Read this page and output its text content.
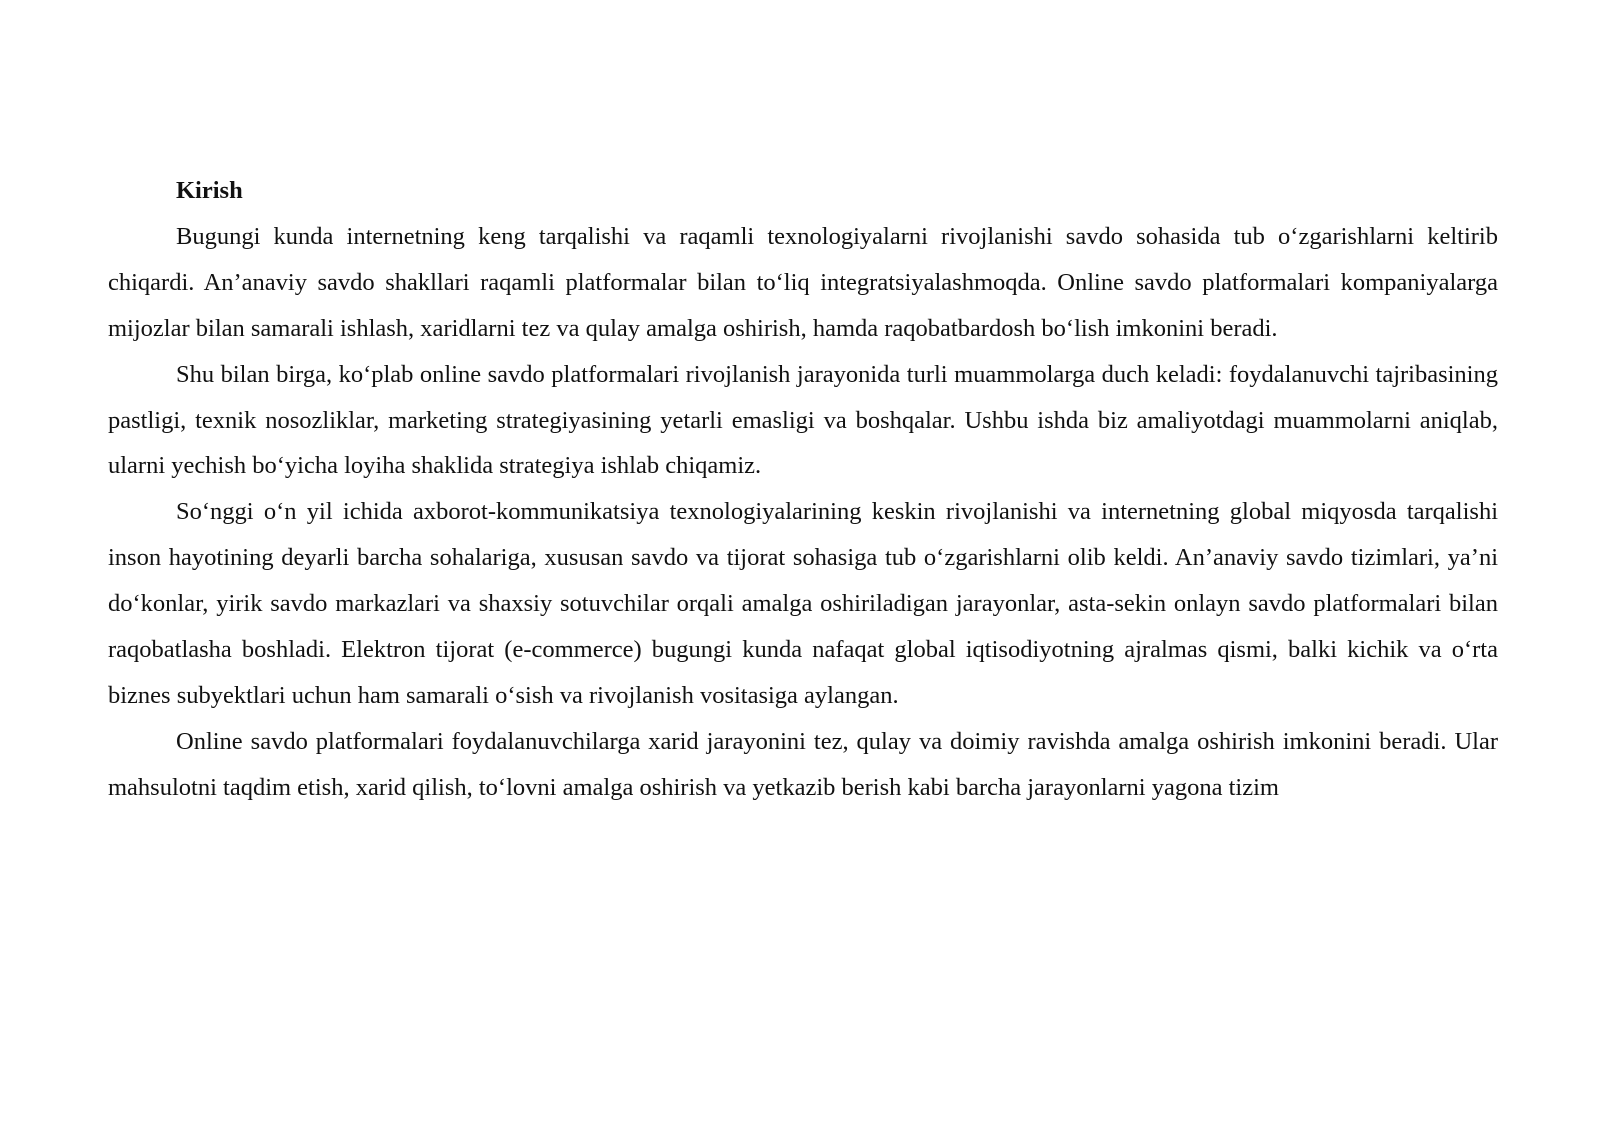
Kirish

Bugungi kunda internetning keng tarqalishi va raqamli texnologiyalarni rivojlanishi savdo sohasida tub o‘zgarishlarni keltirib chiqardi. An’anaviy savdo shakllari raqamli platformalar bilan to‘liq integratsiyalashmoqda. Online savdo platformalari kompaniyalarga mijozlar bilan samarali ishlash, xaridlarni tez va qulay amalga oshirish, hamda raqobatbardosh bo‘lish imkonini beradi.

Shu bilan birga, ko‘plab online savdo platformalari rivojlanish jarayonida turli muammolarga duch keladi: foydalanuvchi tajribasining pastligi, texnik nosozliklar, marketing strategiyasining yetarli emasligi va boshqalar. Ushbu ishda biz amaliyotdagi muammolarni aniqlab, ularni yechish bo‘yicha loyiha shaklida strategiya ishlab chiqamiz.

So‘nggi o‘n yil ichida axborot-kommunikatsiya texnologiyalarining keskin rivojlanishi va internetning global miqyosda tarqalishi inson hayotining deyarli barcha sohalariga, xususan savdo va tijorat sohasiga tub o‘zgarishlarni olib keldi. An’anaviy savdo tizimlari, ya’ni do‘konlar, yirik savdo markazlari va shaxsiy sotuvchilar orqali amalga oshiriladigan jarayonlar, asta-sekin onlayn savdo platformalari bilan raqobatlasha boshladi. Elektron tijorat (e-commerce) bugungi kunda nafaqat global iqtisodiyotning ajralmas qismi, balki kichik va o‘rta biznes subyektlari uchun ham samarali o‘sish va rivojlanish vositasiga aylangan.

Online savdo platformalari foydalanuvchilarga xarid jarayonini tez, qulay va doimiy ravishda amalga oshirish imkonini beradi. Ular mahsulotni taqdim etish, xarid qilish, to‘lovni amalga oshirish va yetkazib berish kabi barcha jarayonlarni yagona tizim
